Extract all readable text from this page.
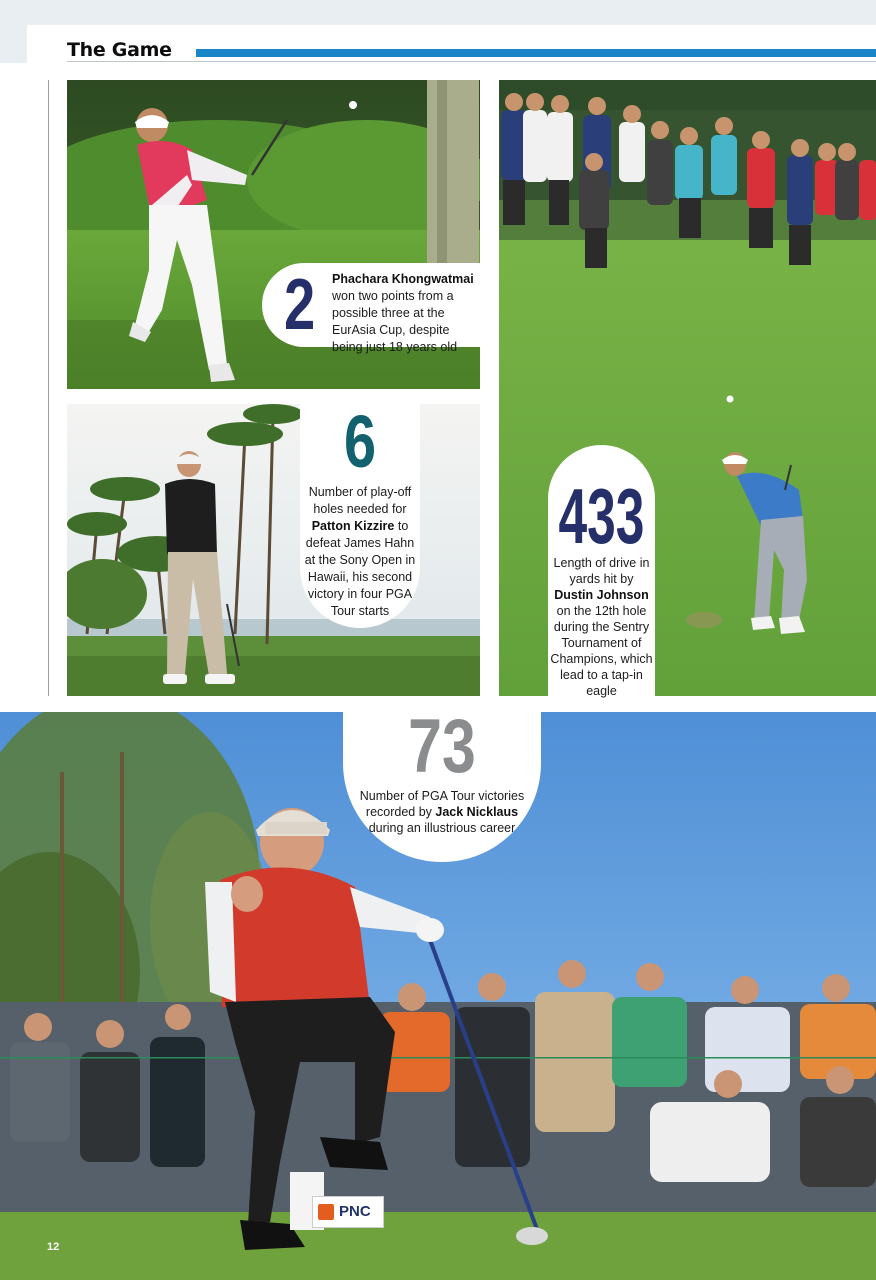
The Game
PNC
2 Phachara Khongwatmai won two points from a possible three at the EurAsia Cup, despite being just 18 years old
6
Number of play-off holes needed for Patton Kizzire to defeat James Hahn at the Sony Open in Hawaii, his second victory in four PGA Tour starts
433
Length of drive in yards hit by Dustin Johnson on the 12th hole during the Sentry Tournament of Champions, which lead to a tap-in eagle
73
Number of PGA Tour victories recorded by Jack Nicklaus during an illustrious career
12
